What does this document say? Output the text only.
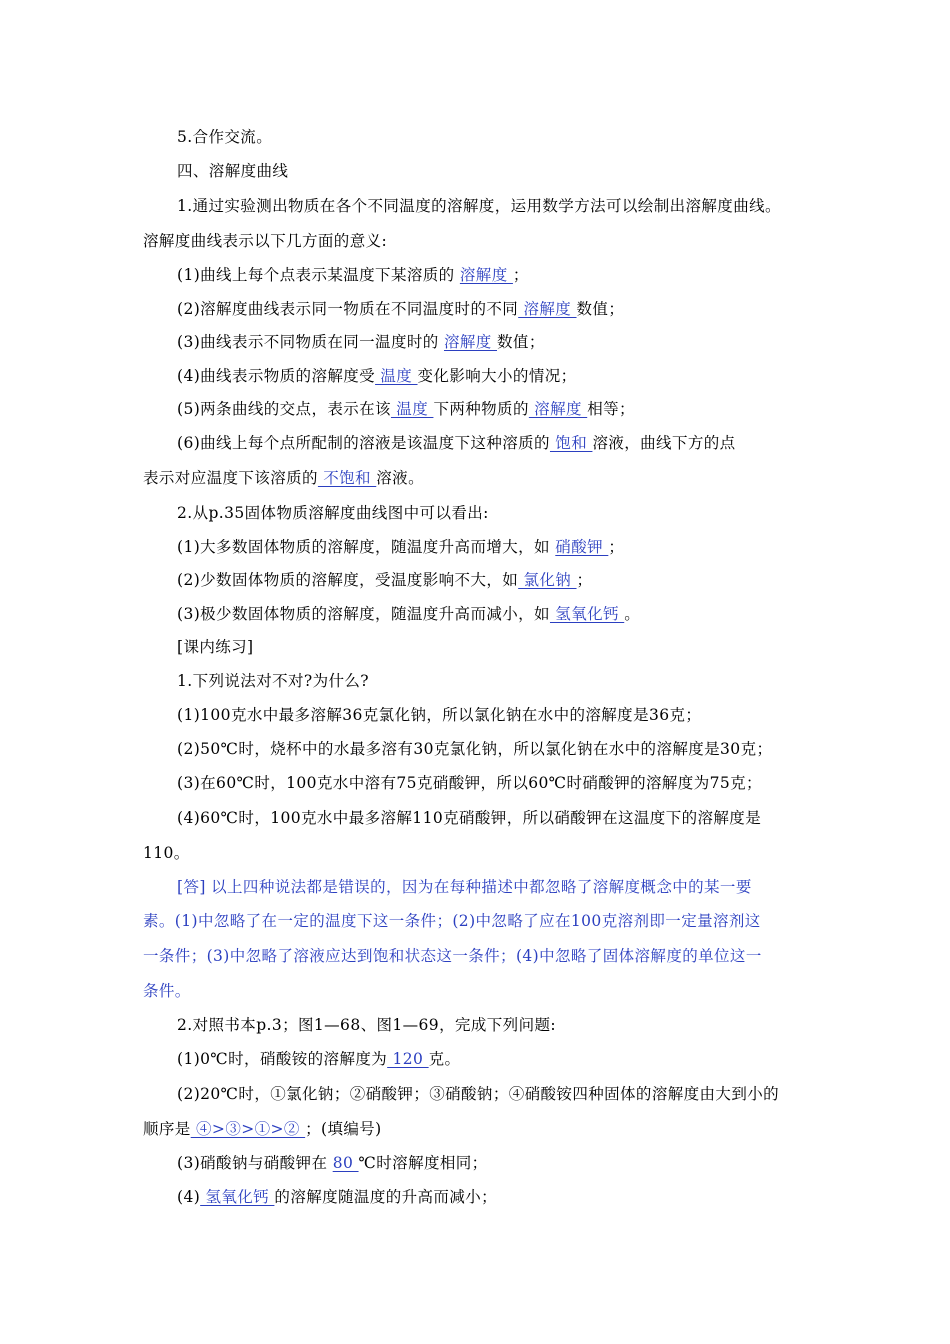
5.合作交流。
四、溶解度曲线
1.通过实验测出物质在各个不同温度的溶解度，运用数学方法可以绘制出溶解度曲线。
溶解度曲线表示以下几方面的意义:
(1)曲线上每个点表示某温度下某溶质的 溶解度 ；
(2)溶解度曲线表示同一物质在不同温度时的不同 溶解度 数值；
(3)曲线表示不同物质在同一温度时的 溶解度 数值；
(4)曲线表示物质的溶解度受 温度 变化影响大小的情况；
(5)两条曲线的交点，表示在该 温度 下两种物质的 溶解度 相等；
(6)曲线上每个点所配制的溶液是该温度下这种溶质的 饱和 溶液，曲线下方的点
表示对应温度下该溶质的 不饱和 溶液。
2.从p.35固体物质溶解度曲线图中可以看出:
(1)大多数固体物质的溶解度，随温度升高而增大，如 硝酸钾 ；
(2)少数固体物质的溶解度，受温度影响不大，如 氯化钠 ；
(3)极少数固体物质的溶解度，随温度升高而减小，如 氢氧化钙 。
[课内练习]
1.下列说法对不对?为什么?
(1)100克水中最多溶解36克氯化钠，所以氯化钠在水中的溶解度是36克；
(2)50℃时，烧杯中的水最多溶有30克氯化钠，所以氯化钠在水中的溶解度是30克；
(3)在60℃时，100克水中溶有75克硝酸钾，所以60℃时硝酸钾的溶解度为75克；
(4)60℃时，100克水中最多溶解110克硝酸钾，所以硝酸钾在这温度下的溶解度是
110。
[答] 以上四种说法都是错误的，因为在每种描述中都忽略了溶解度概念中的某一要
素。(1)中忽略了在一定的温度下这一条件；(2)中忽略了应在100克溶剂即一定量溶剂这
一条件；(3)中忽略了溶液应达到饱和状态这一条件；(4)中忽略了固体溶解度的单位这一
条件。
2.对照书本p.3；图1—68、图1—69，完成下列问题:
(1)0℃时，硝酸铵的溶解度为 120 克。
(2)20℃时，①氯化钠；②硝酸钾；③硝酸钠；④硝酸铵四种固体的溶解度由大到小的
顺序是 ④>③>①>② ；(填编号)
(3)硝酸钠与硝酸钾在 80 ℃时溶解度相同；
(4) 氢氧化钙 的溶解度随温度的升高而减小；
